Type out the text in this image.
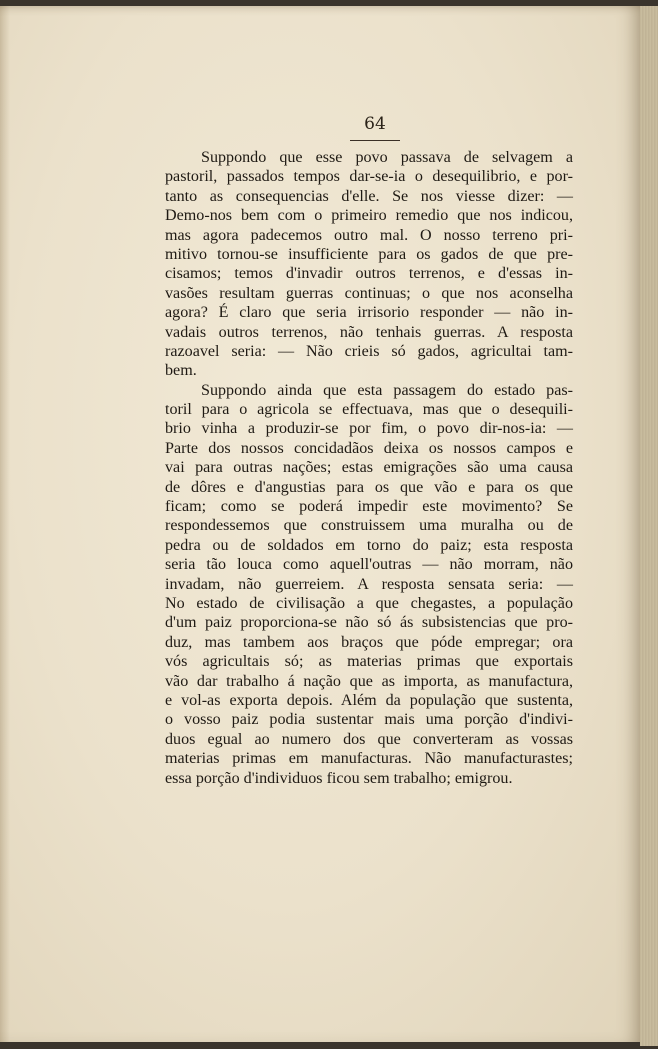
64
Suppondo que esse povo passava de selvagem a
pastoril, passados tempos dar-se-ia o desequilibrio, e por-
tanto as consequencias d'elle. Se nos viesse dizer: —
Demo-nos bem com o primeiro remedio que nos indicou,
mas agora padecemos outro mal. O nosso terreno pri-
mitivo tornou-se insufficiente para os gados de que pre-
cisamos; temos d'invadir outros terrenos, e d'essas in-
vasões resultam guerras continuas; o que nos aconselha
agora? É claro que seria irrisorio responder — não in-
vadais outros terrenos, não tenhais guerras. A resposta
razoavel seria: — Não crieis só gados, agricultai tam-
bem.
Suppondo ainda que esta passagem do estado pas-
toril para o agricola se effectuava, mas que o desequili-
brio vinha a produzir-se por fim, o povo dir-nos-ia: —
Parte dos nossos concidadãos deixa os nossos campos e
vai para outras nações; estas emigrações são uma causa
de dôres e d'angustias para os que vão e para os que
ficam; como se poderá impedir este movimento? Se
respondessemos que construissem uma muralha ou de
pedra ou de soldados em torno do paiz; esta resposta
seria tão louca como aquell'outras — não morram, não
invadam, não guerreiem. A resposta sensata seria: —
No estado de civilisação a que chegastes, a população
d'um paiz proporciona-se não só ás subsistencias que pro-
duz, mas tambem aos braços que póde empregar; ora
vós agricultais só; as materias primas que exportais
vão dar trabalho á nação que as importa, as manufactura,
e vol-as exporta depois. Além da população que sustenta,
o vosso paiz podia sustentar mais uma porção d'indivi-
duos egual ao numero dos que converteram as vossas
materias primas em manufacturas. Não manufacturastes;
essa porção d'individuos ficou sem trabalho; emigrou.
